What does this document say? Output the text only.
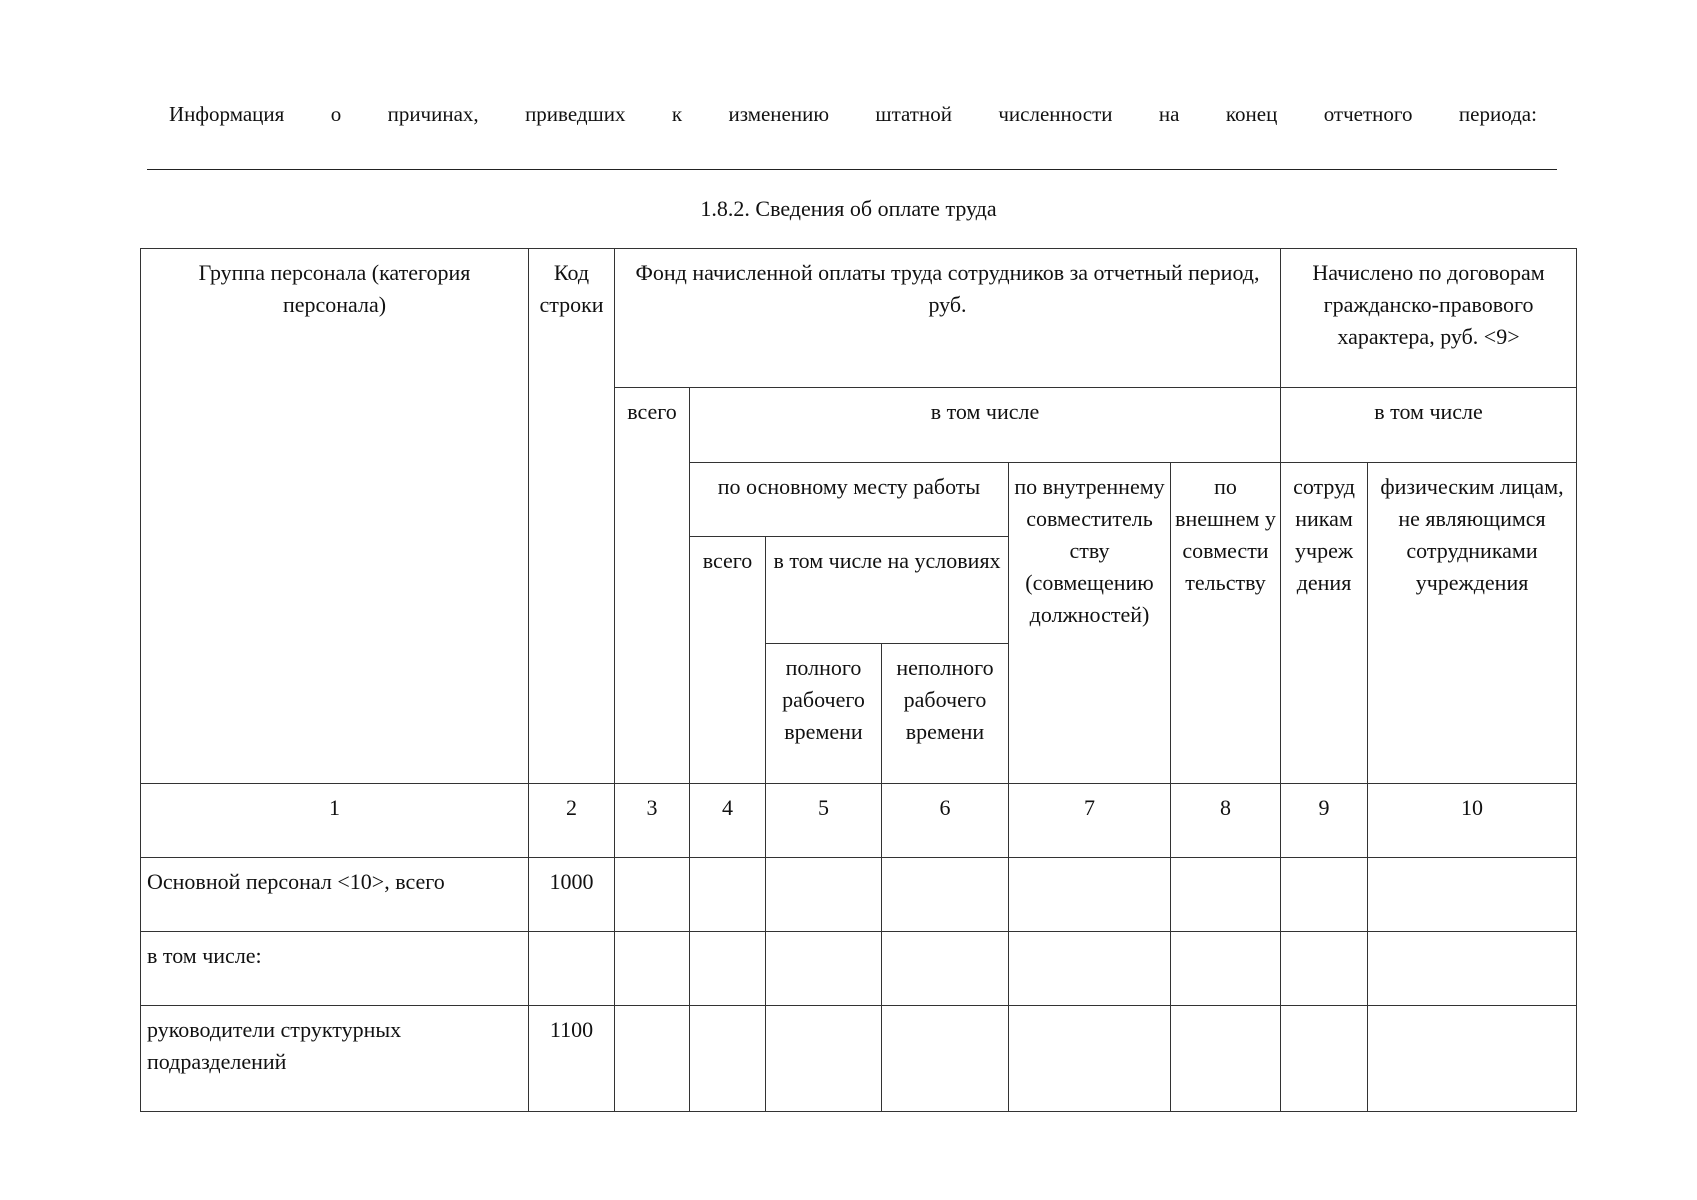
Информация о причинах, приведших к изменению штатной численности на конец отчетного периода:
1.8.2. Сведения об оплате труда
Группа персонала (категория персонала)	Код строки	Фонд начисленной оплаты труда сотрудников за отчетный период, руб.						Начислено по договорам гражданско-правового характера, руб. <9>	
		всего	в том числе					в том числе	
			по основному месту работы			по внутреннему совместитель ству (совмещению должностей)	по внешнем у совмести тельству	сотруд никам учреж дения	физическим лицам, не являющимся сотрудниками учреждения
			всего	в том числе на условиях					
				полного рабочего времени	неполного рабочего времени				
1	2	3	4	5	6	7	8	9	10
Основной персонал <10>, всего	1000								
в том числе:									
руководители структурных подразделений	1100								
